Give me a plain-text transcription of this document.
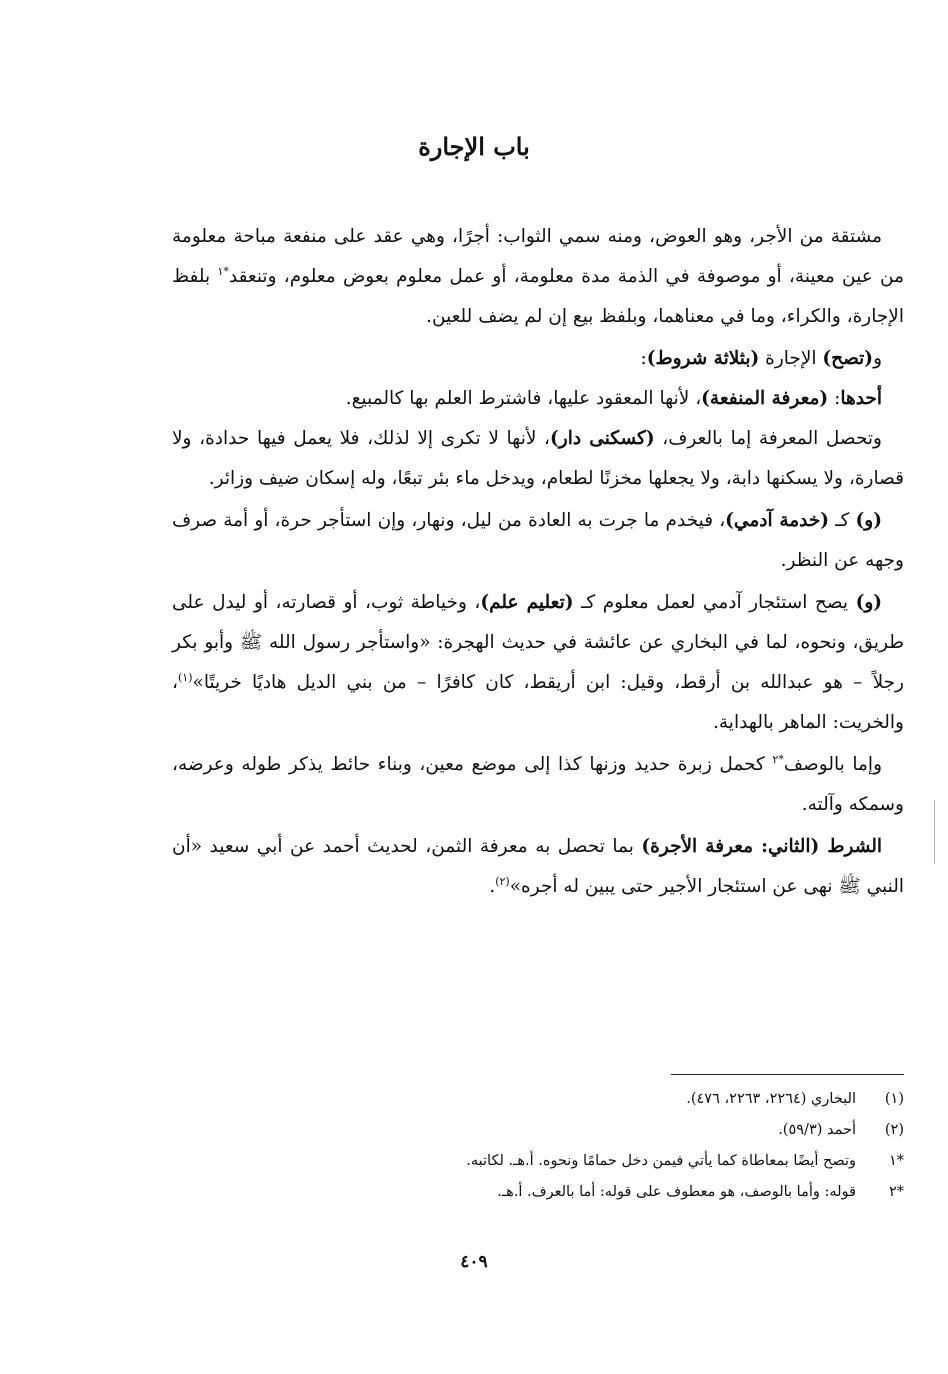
باب الإجارة

مشتقة من الأجر، وهو العوض، ومنه سمي الثواب: أجرًا، وهي عقد على منفعة مباحة معلومة من عين معينة، أو موصوفة في الذمة مدة معلومة، أو عمل معلوم بعوض معلوم، وتنعقد$^{*١}$ بلفظ الإجارة، والكراء، وما في معناهما، وبلفظ بيع إن لم يضف للعين.

و(تصح) الإجارة (بثلاثة شروط):

أحدها: (معرفة المنفعة)، لأنها المعقود عليها، فاشترط العلم بها كالمبيع.

وتحصل المعرفة إما بالعرف، (كسكنى دار)، لأنها لا تكرى إلا لذلك، فلا يعمل فيها حدادة، ولا قصارة، ولا يسكنها دابة، ولا يجعلها مخزنًا لطعام، ويدخل ماء بئر تبعًا، وله إسكان ضيف وزائر.

(و) كـ (خدمة آدمي)، فيخدم ما جرت به العادة من ليل، ونهار، وإن استأجر حرة، أو أمة صرف وجهه عن النظر.

(و) يصح استئجار آدمي لعمل معلوم كـ (تعليم علم)، وخياطة ثوب، أو قصارته، أو ليدل على طريق، ونحوه، لما في البخاري عن عائشة في حديث الهجرة: «واستأجر رسول الله ﷺ وأبو بكر رجلاً – هو عبدالله بن أرقط، وقيل: ابن أريقط، كان كافرًا – من بني الديل هاديًا خريتًا»$^{(١)}$، والخريت: الماهر بالهداية.

وإما بالوصف$^{*٢}$ كحمل زبرة حديد وزنها كذا إلى موضع معين، وبناء حائط يذكر طوله وعرضه، وسمكه وآلته.

الشرط (الثاني: معرفة الأجرة) بما تحصل به معرفة الثمن، لحديث أحمد عن أبي سعيد «أن النبي ﷺ نهى عن استئجار الأجير حتى يبين له أجره»$^{(٢)}$.

(١)البخاري (٢٢٦٤، ٢٢٦٣، ٤٧٦).
(٢)أحمد (٥٩/٣).
*١وتصح أيضًا بمعاطاة كما يأتي فيمن دخل حمامًا ونحوه. أ.هـ. لكاتبه.
*٢قوله: وأما بالوصف، هو معطوف على قوله: أما بالعرف. أ.هـ.
٤٠٩
